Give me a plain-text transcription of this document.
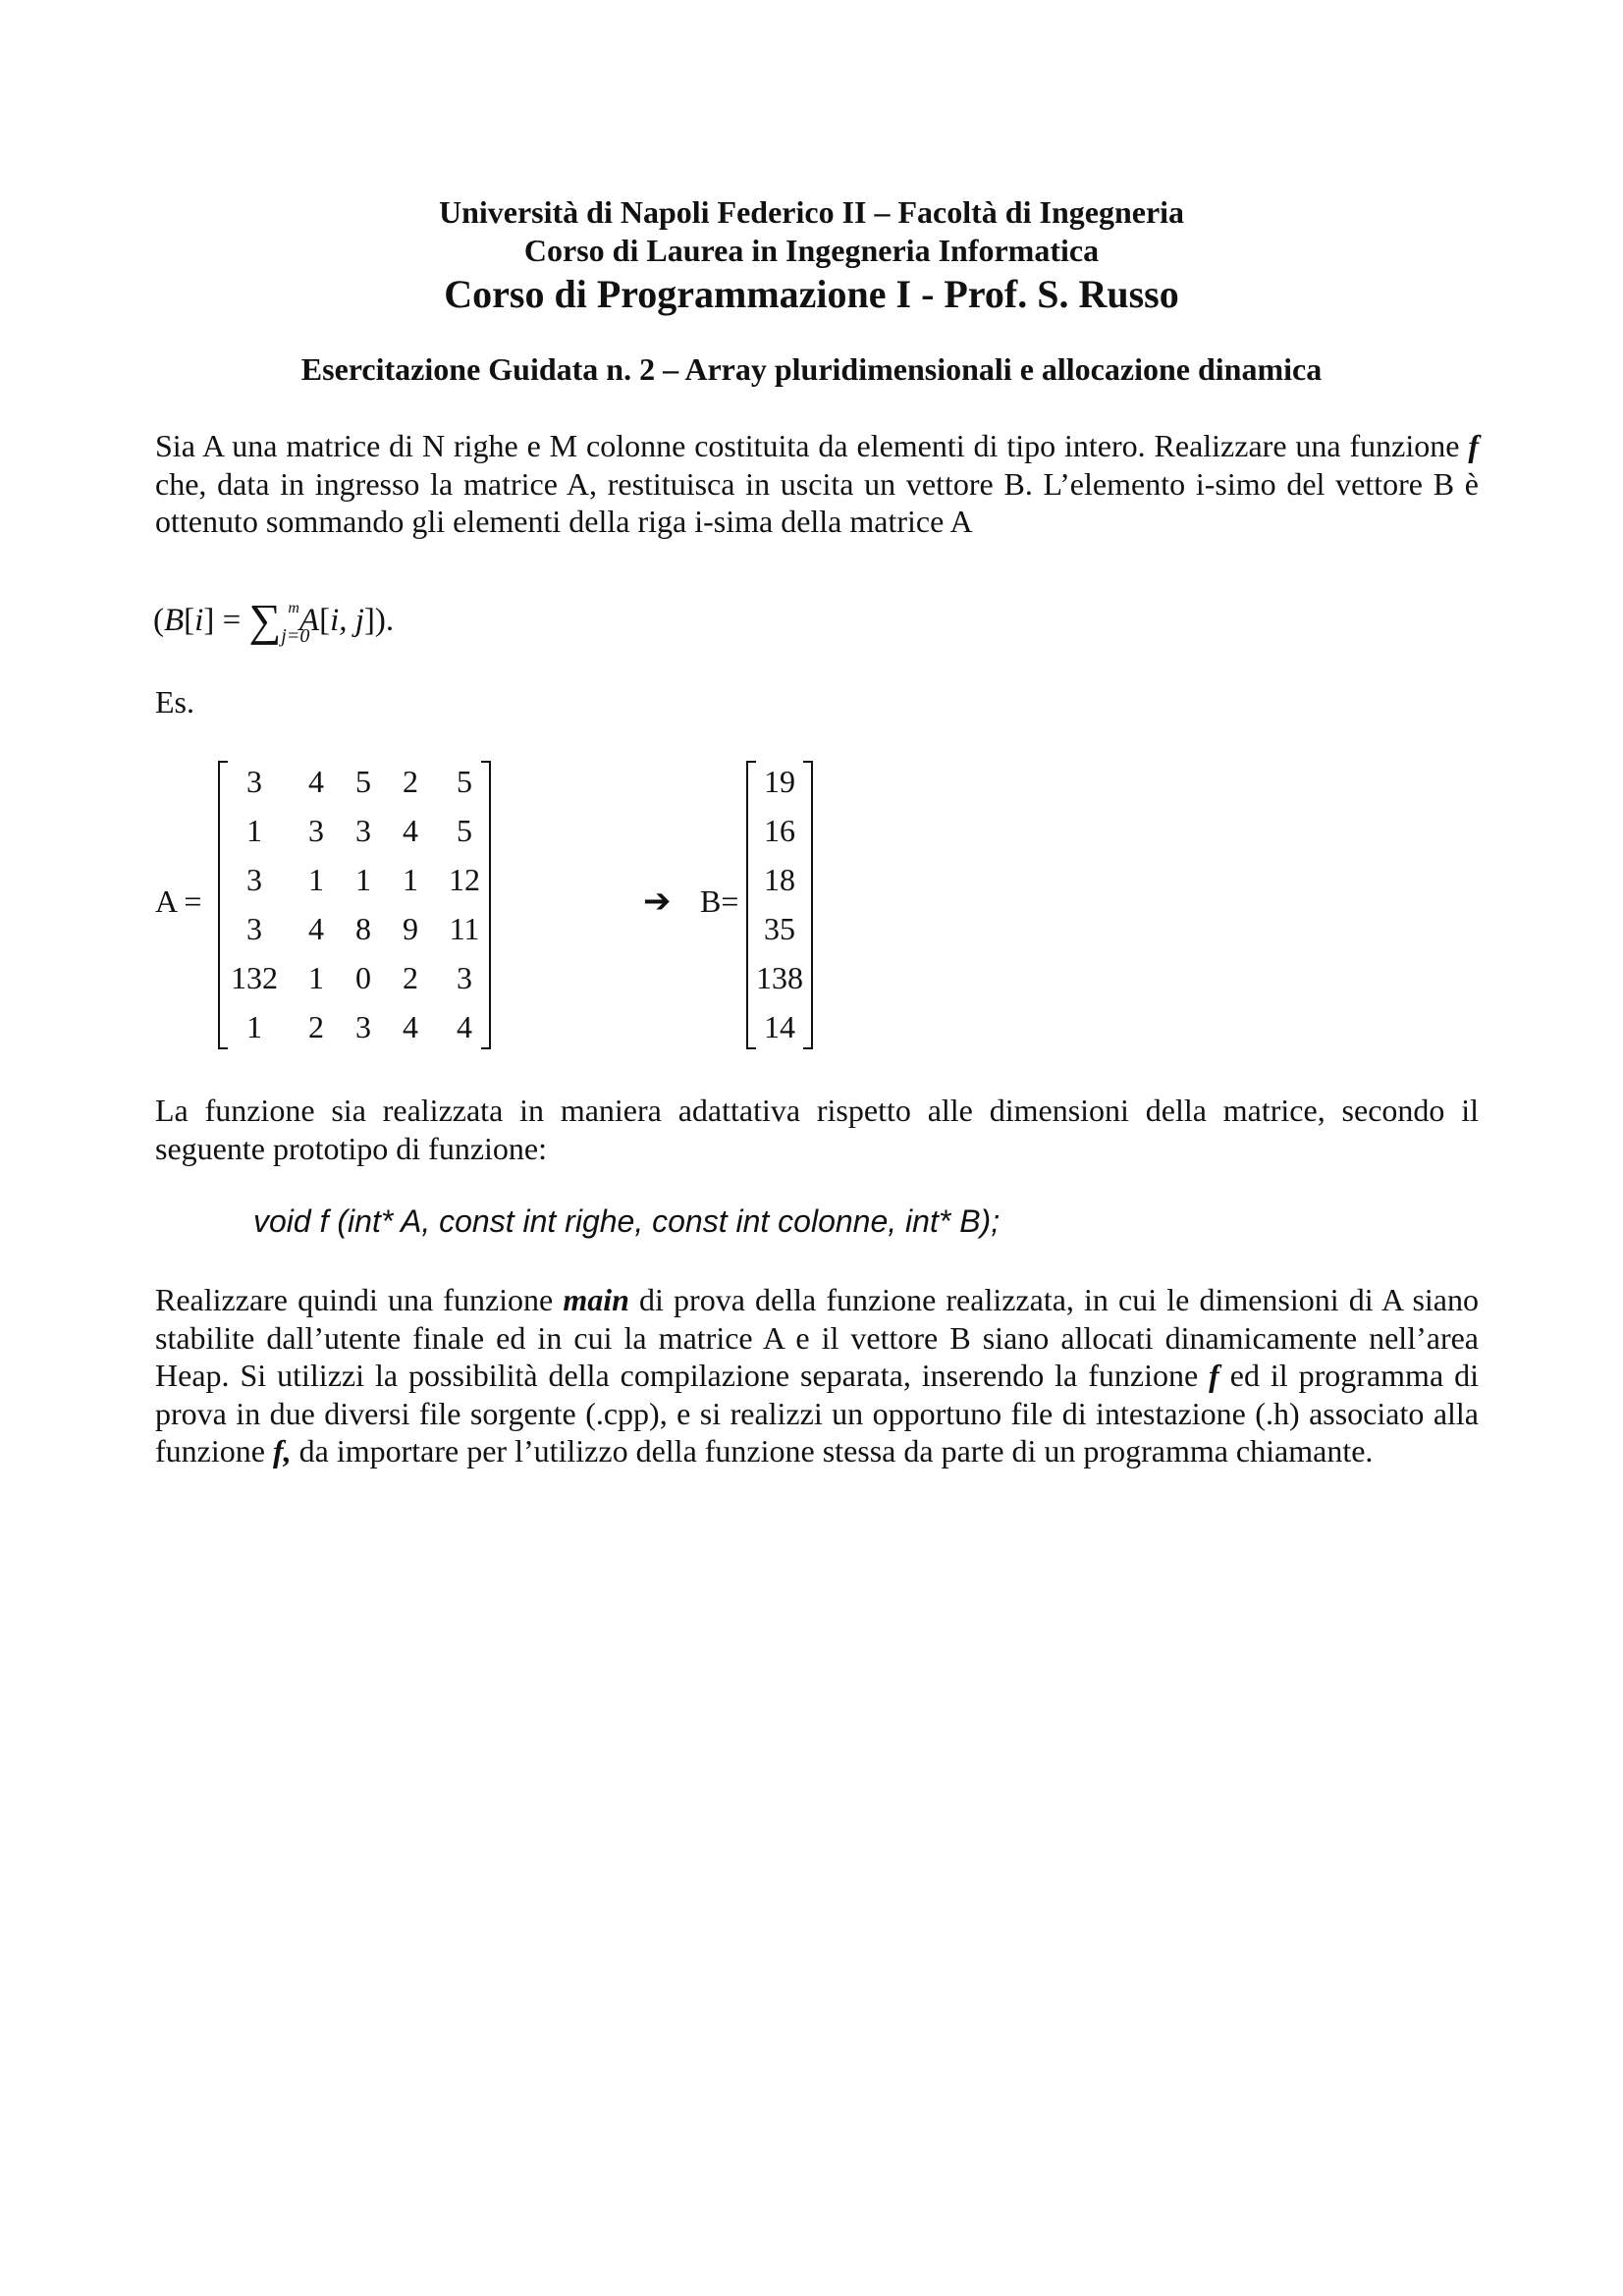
Università di Napoli Federico II – Facoltà di Ingegneria
Corso di Laurea in Ingegneria Informatica
Corso di Programmazione I - Prof. S. Russo
Esercitazione Guidata n. 2 – Array pluridimensionali e allocazione dinamica
Sia A una matrice di N righe e M colonne costituita da elementi di tipo intero. Realizzare una funzione f che, data in ingresso la matrice A, restituisca in uscita un vettore B. L’elemento i-simo del vettore B è ottenuto sommando gli elementi della riga i-sima della matrice A
($B[i] = \sum_{j=0}^mA[i$, j]).
Es.
A =
3	4	5	2	5
1	3	3	4	5
3	1	1	1 12
3	4	8	9 11
132 1	0	2	3
1	2	3	4	4
➔ B=
19
16
18
35
138
14
La funzione sia realizzata in maniera adattativa rispetto alle dimensioni della matrice, secondo il seguente prototipo di funzione:
void f (int* A, const int righe, const int colonne, int* B);
Realizzare quindi una funzione main di prova della funzione realizzata, in cui le dimensioni di A siano stabilite dall’utente finale ed in cui la matrice A e il vettore B siano allocati dinamicamente nell’area Heap. Si utilizzi la possibilità della compilazione separata, inserendo la funzione f ed il programma di prova in due diversi file sorgente (.cpp), e si realizzi un opportuno file di intestazione (.h) associato alla funzione f, da importare per l’utilizzo della funzione stessa da parte di un programma chiamante.
